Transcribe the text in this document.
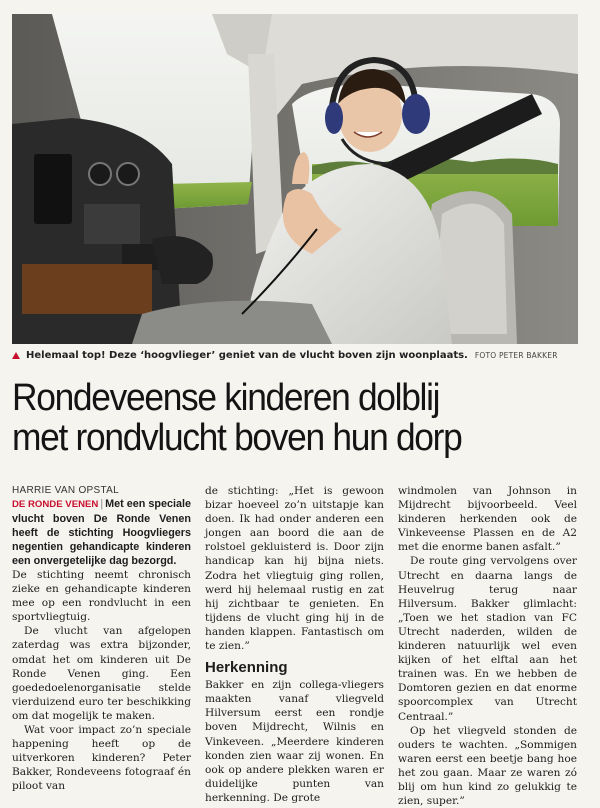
Helemaal top! Deze ‘hoogvlieger’ geniet van de vlucht boven zijn woonplaats. FOTO PETER BAKKER
Rondeveense kinderen dolblij
met rondvlucht boven hun dorp
HARRIE VAN OPSTAL

DE RONDE VENEN | Met een speciale vlucht boven De Ronde Venen heeft de stichting Hoogvliegers negentien gehandicapte kinderen een onvergetelijke dag bezorgd.

De stichting neemt chronisch zieke en gehandicapte kinderen mee op een rondvlucht in een sportvliegtuig.

De vlucht van afgelopen zaterdag was extra bijzonder, omdat het om kinderen uit De Ronde Venen ging. Een goededoelenorganisatie stelde vierduizend euro ter beschikking om dat mogelijk te maken.

Wat voor impact zo’n speciale happening heeft op de uitverkoren kinderen? Peter Bakker, Rondeveens fotograaf én piloot van

de stichting: „Het is gewoon bizar hoeveel zo’n uitstapje kan doen. Ik had onder anderen een jongen aan boord die aan de rolstoel gekluisterd is. Door zijn handicap kan hij bijna niets. Zodra het vliegtuig ging rollen, werd hij helemaal rustig en zat hij zichtbaar te genieten. En tijdens de vlucht ging hij in de handen klappen. Fantastisch om te zien.”

Herkenning

Bakker en zijn collega-vliegers maakten vanaf vliegveld Hilversum eerst een rondje boven Mijdrecht, Wilnis en Vinkeveen. „Meerdere kinderen konden zien waar zij wonen. En ook op andere plekken waren er duidelijke punten van herkenning. De grote

windmolen van Johnson in Mijdrecht bijvoorbeeld. Veel kinderen herkenden ook de Vinkeveense Plassen en de A2 met die enorme banen asfalt.”

De route ging vervolgens over Utrecht en daarna langs de Heuvelrug terug naar Hilversum. Bakker glimlacht: „Toen we het stadion van FC Utrecht naderden, wilden de kinderen natuurlijk wel even kijken of het elftal aan het trainen was. En we hebben de Domtoren gezien en dat enorme spoorcomplex van Utrecht Centraal.”

Op het vliegveld stonden de ouders te wachten. „Sommigen waren eerst een beetje bang hoe het zou gaan. Maar ze waren zó blij om hun kind zo gelukkig te zien, super.”
